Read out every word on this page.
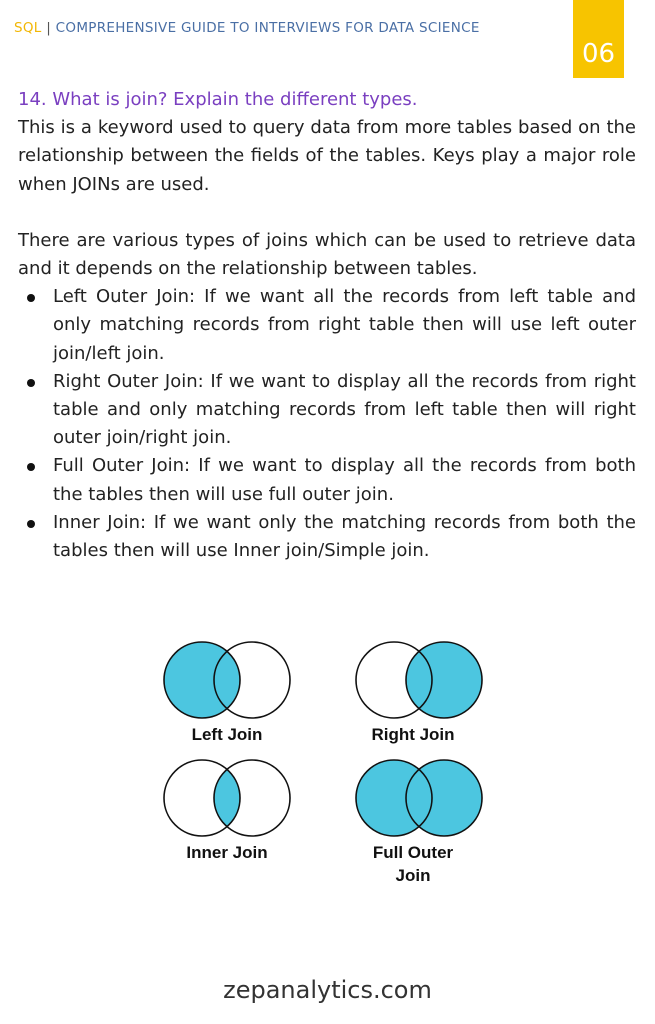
SQL | COMPREHENSIVE GUIDE TO INTERVIEWS FOR DATA SCIENCE
06

14. What is join? Explain the different types.

This is a keyword used to query data from more tables based on the relationship between the fields of the tables. Keys play a major role when JOINs are used.

There are various types of joins which can be used to retrieve data and it depends on the relationship between tables.

Left Outer Join: If we want all the records from left table and only matching records from right table then will use left outer join/left join.
Right Outer Join: If we want to display all the records from right table and only matching records from left table then will right outer join/right join.
Full Outer Join: If we want to display all the records from both the tables then will use full outer join.
Inner Join: If we want only the matching records from both the tables then will use Inner join/Simple join.
Left Join	Right Join
Inner Join	Full Outer
Join
zepanalytics.com
